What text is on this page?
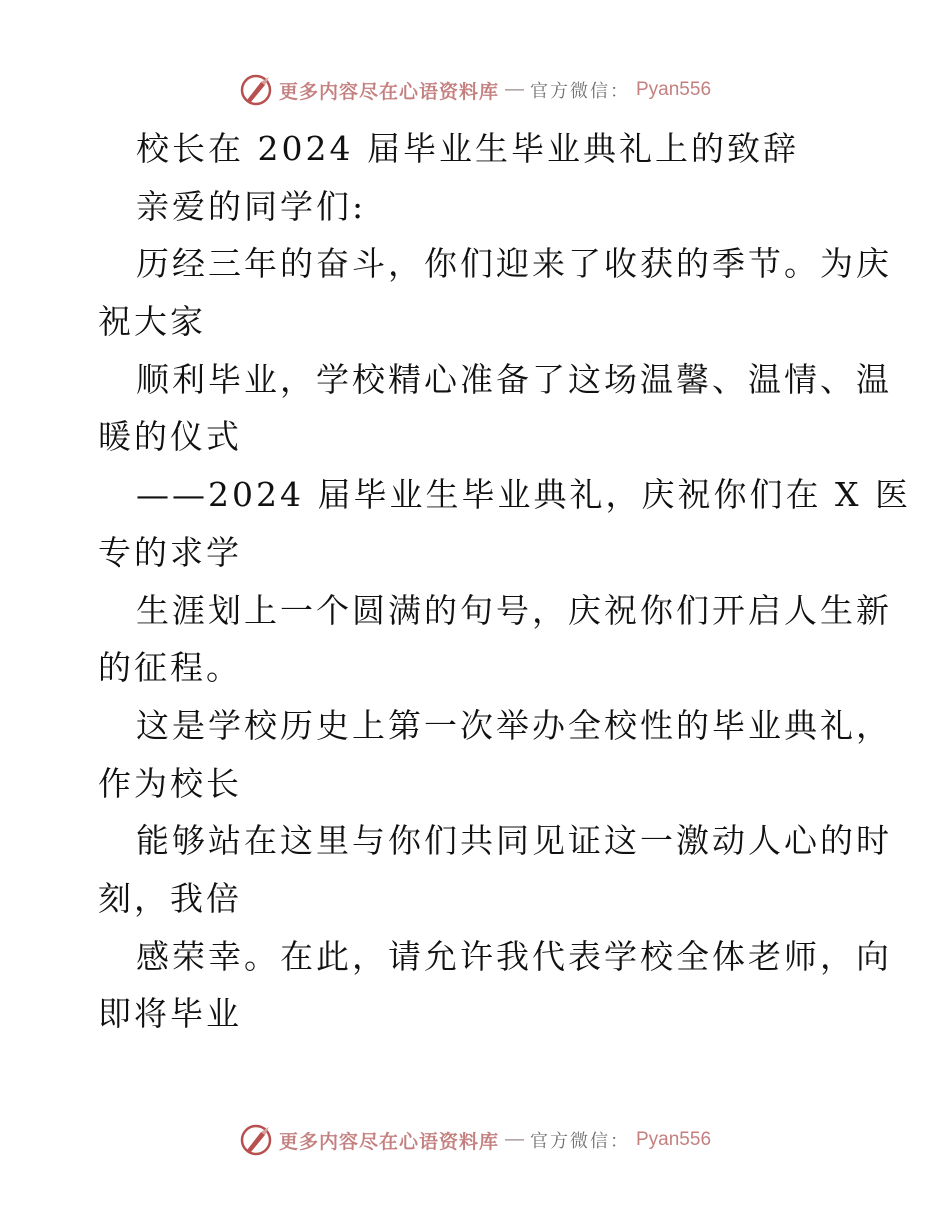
更多内容尽在心语资料库 — 官方微信： Pyan556
校长在 2024 届毕业生毕业典礼上的致辞
亲爱的同学们:
历经三年的奋斗，你们迎来了收获的季节。为庆
祝大家
顺利毕业，学校精心准备了这场温馨、温情、温
暖的仪式
——2024 届毕业生毕业典礼，庆祝你们在 X 医
专的求学
生涯划上一个圆满的句号，庆祝你们开启人生新
的征程。
这是学校历史上第一次举办全校性的毕业典礼，
作为校长
能够站在这里与你们共同见证这一激动人心的时
刻，我倍
感荣幸。在此，请允许我代表学校全体老师，向
即将毕业
更多内容尽在心语资料库 — 官方微信： Pyan556
